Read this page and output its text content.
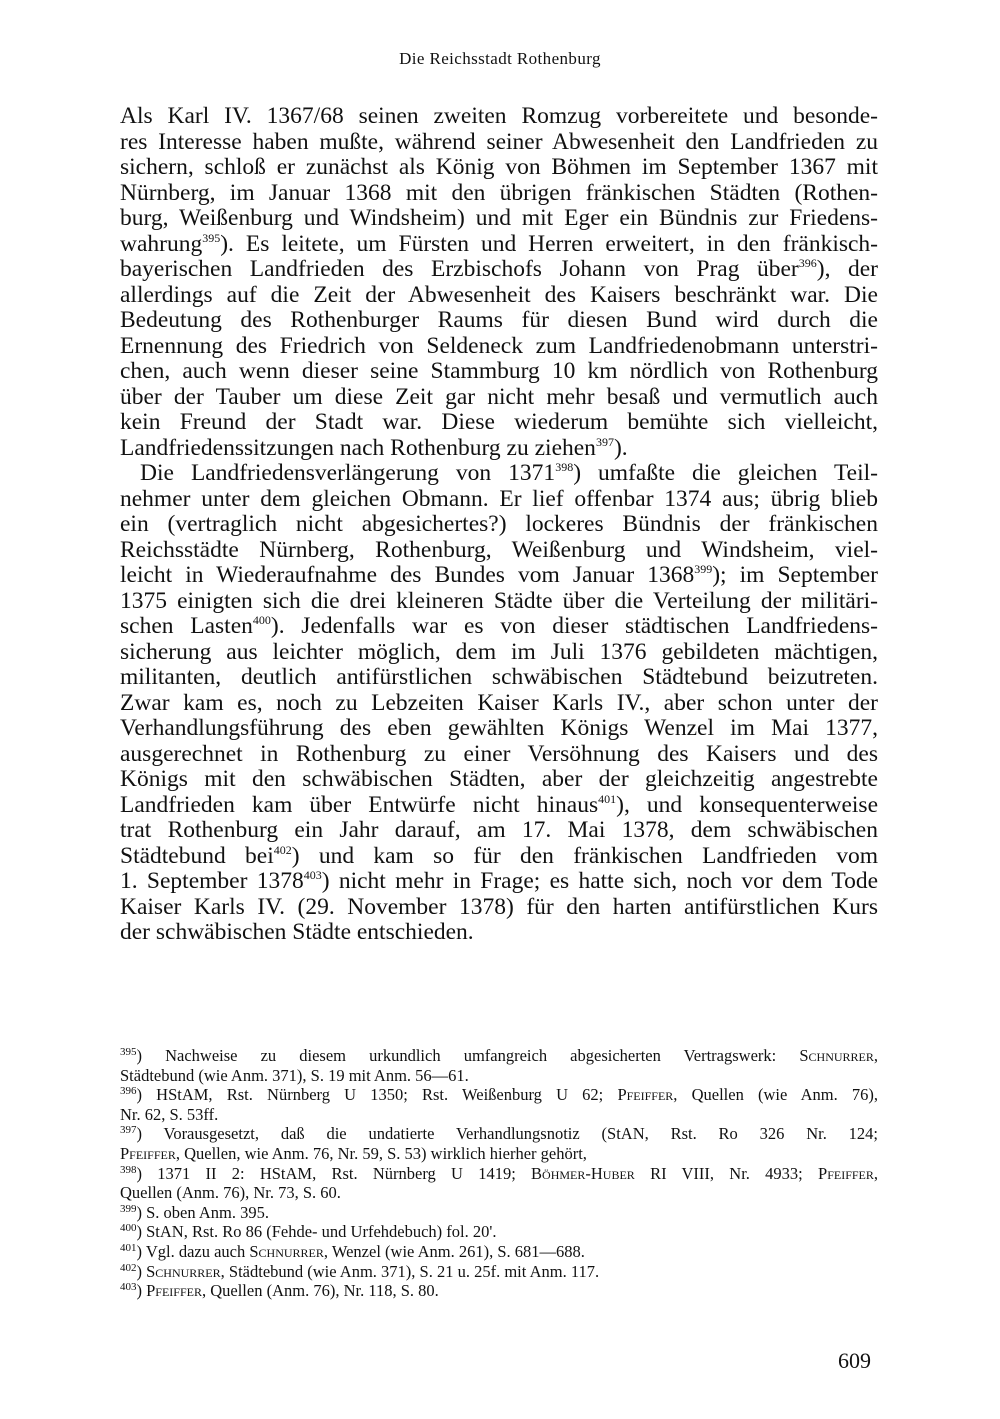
Die Reichsstadt Rothenburg
Als Karl IV. 1367/68 seinen zweiten Romzug vorbereitete und besonde-
res Interesse haben mußte, während seiner Abwesenheit den Landfrieden zu
sichern, schloß er zunächst als König von Böhmen im September 1367 mit
Nürnberg, im Januar 1368 mit den übrigen fränkischen Städten (Rothen-
burg, Weißenburg und Windsheim) und mit Eger ein Bündnis zur Friedens-
wahrung$^{395}$). Es leitete, um Fürsten und Herren erweitert, in den fränkisch-
bayerischen Landfrieden des Erzbischofs Johann von Prag über$^{396}$), der
allerdings auf die Zeit der Abwesenheit des Kaisers beschränkt war. Die
Bedeutung des Rothenburger Raums für diesen Bund wird durch die
Ernennung des Friedrich von Seldeneck zum Landfriedenobmann unterstri-
chen, auch wenn dieser seine Stammburg 10 km nördlich von Rothenburg
über der Tauber um diese Zeit gar nicht mehr besaß und vermutlich auch
kein Freund der Stadt war. Diese wiederum bemühte sich vielleicht,
Landfriedenssitzungen nach Rothenburg zu ziehen$^{397}$).
Die Landfriedensverlängerung von 1371$^{398}$) umfaßte die gleichen Teil-
nehmer unter dem gleichen Obmann. Er lief offenbar 1374 aus; übrig blieb
ein (vertraglich nicht abgesichertes?) lockeres Bündnis der fränkischen
Reichsstädte Nürnberg, Rothenburg, Weißenburg und Windsheim, viel-
leicht in Wiederaufnahme des Bundes vom Januar 1368$^{399}$); im September
1375 einigten sich die drei kleineren Städte über die Verteilung der militäri-
schen Lasten$^{400}$). Jedenfalls war es von dieser städtischen Landfriedens-
sicherung aus leichter möglich, dem im Juli 1376 gebildeten mächtigen,
militanten, deutlich antifürstlichen schwäbischen Städtebund beizutreten.
Zwar kam es, noch zu Lebzeiten Kaiser Karls IV., aber schon unter der
Verhandlungsführung des eben gewählten Königs Wenzel im Mai 1377,
ausgerechnet in Rothenburg zu einer Versöhnung des Kaisers und des
Königs mit den schwäbischen Städten, aber der gleichzeitig angestrebte
Landfrieden kam über Entwürfe nicht hinaus$^{401}$), und konsequenterweise
trat Rothenburg ein Jahr darauf, am 17. Mai 1378, dem schwäbischen
Städtebund bei$^{402}$) und kam so für den fränkischen Landfrieden vom
1. September 1378$^{403}$) nicht mehr in Frage; es hatte sich, noch vor dem Tode
Kaiser Karls IV. (29. November 1378) für den harten antifürstlichen Kurs
der schwäbischen Städte entschieden.

$^{395}$) Nachweise zu diesem urkundlich umfangreich abgesicherten Vertragswerk: Schnurrer,
Städtebund (wie Anm. 371), S. 19 mit Anm. 56—61.

$^{396}$) HStAM, Rst. Nürnberg U 1350; Rst. Weißenburg U 62; Pfeiffer, Quellen (wie Anm. 76),
Nr. 62, S. 53ff.

$^{397}$) Vorausgesetzt, daß die undatierte Verhandlungsnotiz (StAN, Rst. Ro 326 Nr. 124;
Pfeiffer, Quellen, wie Anm. 76, Nr. 59, S. 53) wirklich hierher gehört,

$^{398}$) 1371 II 2: HStAM, Rst. Nürnberg U 1419; Böhmer-Huber RI VIII, Nr. 4933; Pfeiffer,
Quellen (Anm. 76), Nr. 73, S. 60.

$^{399}$) S. oben Anm. 395.

$^{400}$) StAN, Rst. Ro 86 (Fehde- und Urfehdebuch) fol. 20'.

$^{401}$) Vgl. dazu auch Schnurrer, Wenzel (wie Anm. 261), S. 681—688.

$^{402}$) Schnurrer, Städtebund (wie Anm. 371), S. 21 u. 25f. mit Anm. 117.

$^{403}$) Pfeiffer, Quellen (Anm. 76), Nr. 118, S. 80.

609
